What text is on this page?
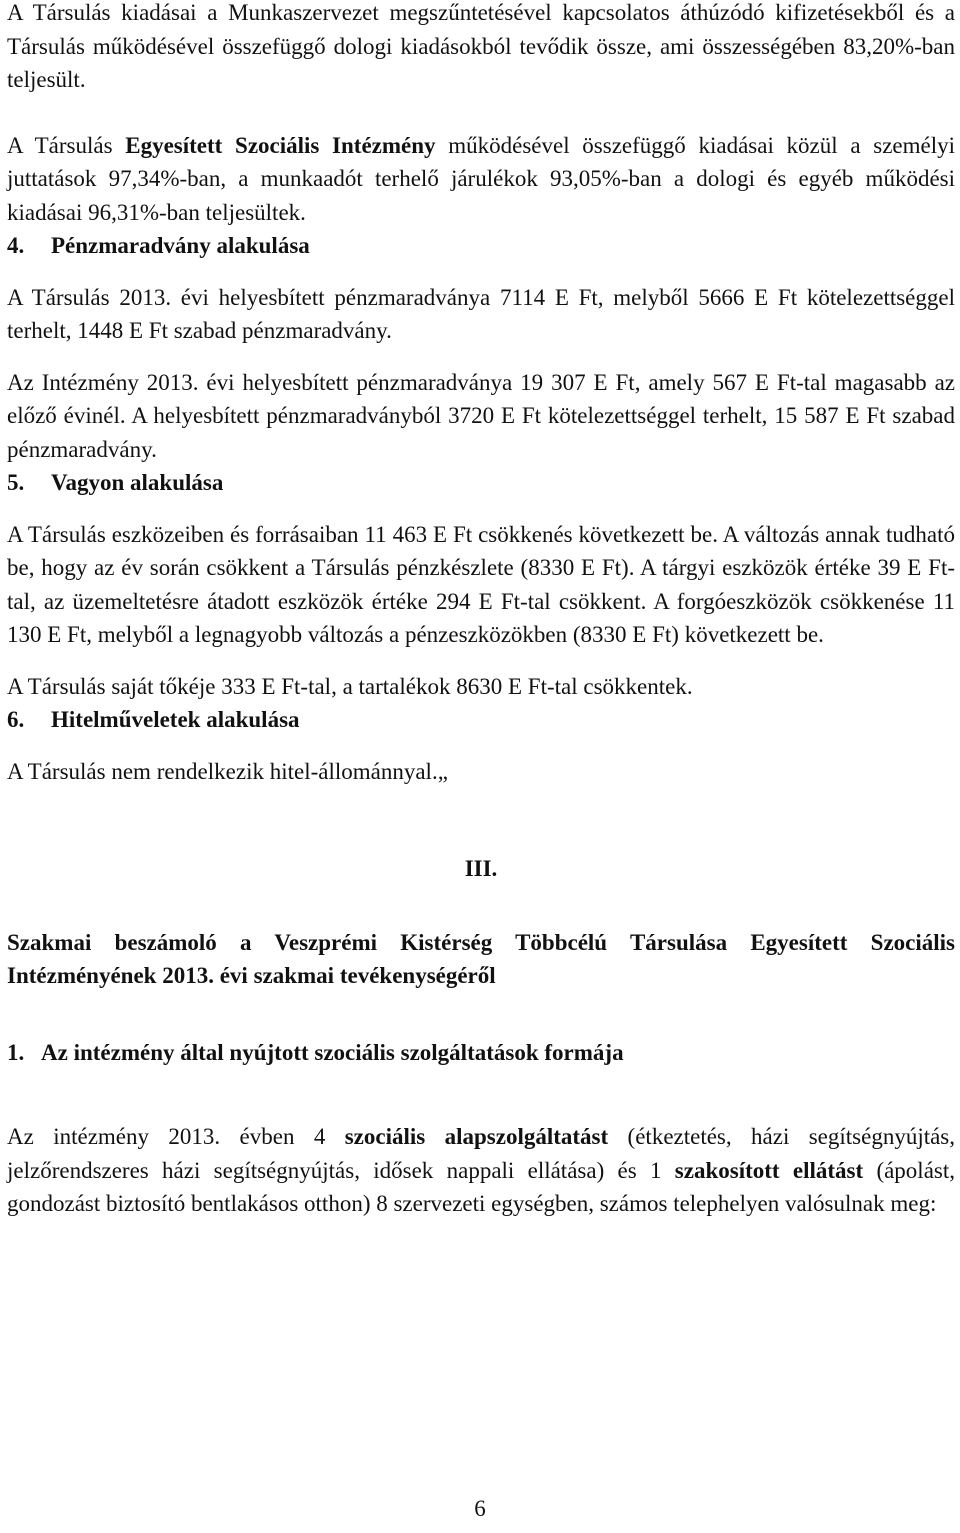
A Társulás kiadásai a Munkaszervezet megszűntetésével kapcsolatos áthúzódó kifizetésekből és a Társulás működésével összefüggő dologi kiadásokból tevődik össze, ami összességében 83,20%-ban teljesült.

A Társulás Egyesített Szociális Intézmény működésével összefüggő kiadásai közül a személyi juttatások 97,34%-ban, a munkaadót terhelő járulékok 93,05%-ban a dologi és egyéb működési kiadásai 96,31%-ban teljesültek.

4. Pénzmaradvány alakulása

A Társulás 2013. évi helyesbített pénzmaradványa 7114 E Ft, melyből 5666 E Ft kötelezettséggel terhelt, 1448 E Ft szabad pénzmaradvány.

Az Intézmény 2013. évi helyesbített pénzmaradványa 19 307 E Ft, amely 567 E Ft-tal magasabb az előző évinél. A helyesbített pénzmaradványból 3720 E Ft kötelezettséggel terhelt, 15 587 E Ft szabad pénzmaradvány.

5. Vagyon alakulása

A Társulás eszközeiben és forrásaiban 11 463 E Ft csökkenés következett be. A változás annak tudható be, hogy az év során csökkent a Társulás pénzkészlete (8330 E Ft). A tárgyi eszközök értéke 39 E Ft-tal, az üzemeltetésre átadott eszközök értéke 294 E Ft-tal csökkent. A forgóeszközök csökkenése 11 130 E Ft, melyből a legnagyobb változás a pénzeszközökben (8330 E Ft) következett be.

A Társulás saját tőkéje 333 E Ft-tal, a tartalékok 8630 E Ft-tal csökkentek.

6. Hitelműveletek alakulása

A Társulás nem rendelkezik hitel-állománnyal.„

III.

Szakmai beszámoló a Veszprémi Kistérség Többcélú Társulása Egyesített Szociális Intézményének 2013. évi szakmai tevékenységéről

1. Az intézmény által nyújtott szociális szolgáltatások formája

Az intézmény 2013. évben 4 szociális alapszolgáltatást (étkeztetés, házi segítségnyújtás, jelzőrendszeres házi segítségnyújtás, idősek nappali ellátása) és 1 szakosított ellátást (ápolást, gondozást biztosító bentlakásos otthon) 8 szervezeti egységben, számos telephelyen valósulnak meg:

6
